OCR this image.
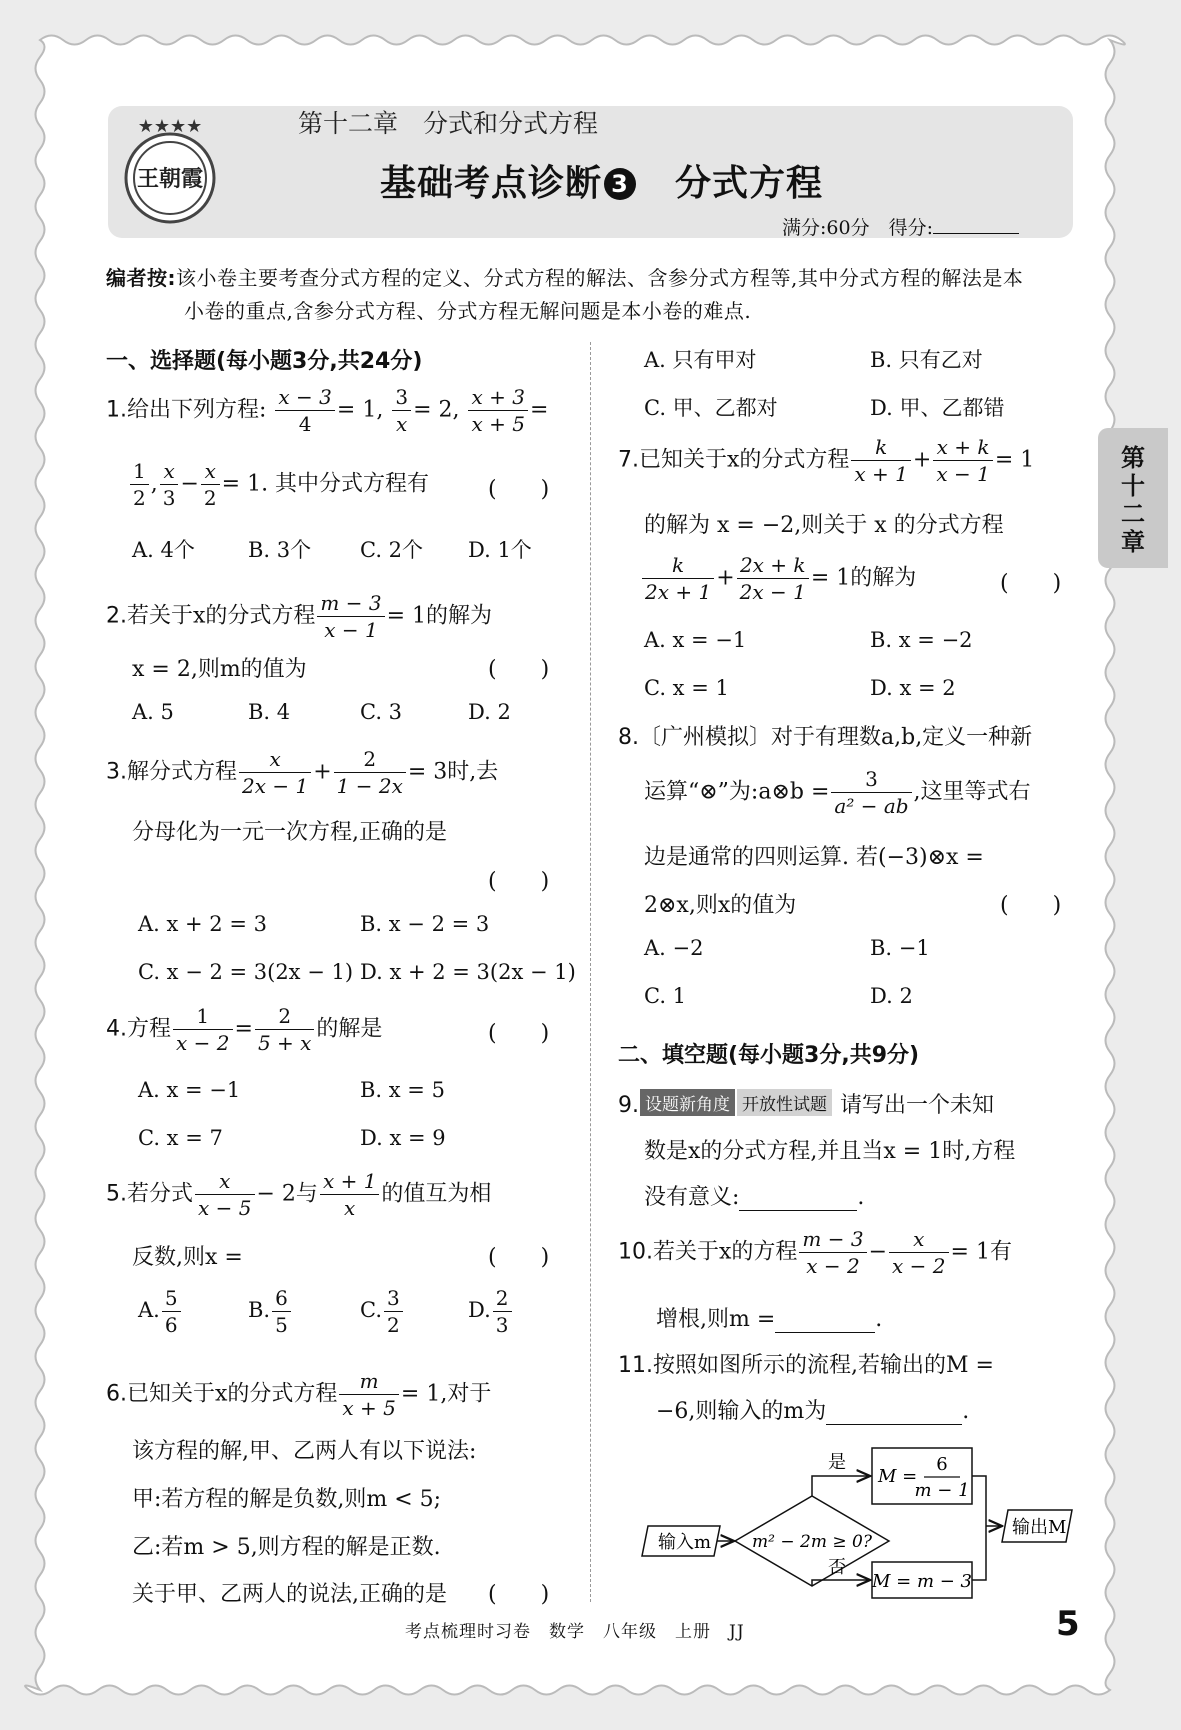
★★★★
王朝霞
第十二章　分式和分式方程
基础考点诊断 3　 分式方程
满分:60分　得分:
编者按:该小卷主要考查分式方程的定义、分式方程的解法、含参分式方程等,其中分式方程的解法是本
小卷的重点,含参分式方程、分式方程无解问题是本小卷的难点.
第十二章
一、选择题(每小题3分,共24分)
1.给出下列方程: $\frac{x - 3}{4} = 1$, $\frac{3}{x} = 2$, $\frac{x + 3}{x + 5}$ =
$\frac{1}{2}$ , $\frac{x}{3} - \frac{x}{2} = 1$. 其中分式方程有	(　　)
A. 4个	B. 3个 C. 2个 D. 1个
2.若关于x的分式方程 $\frac{m - 3}{x - 1} = 1$的解为
x = 2,则m的值为	(　　)
A. 5	B. 4	C. 3	D. 2
3.解分式方程 $\frac{x}{2x - 1} + \frac{2}{1 - 2x} = 3$时,去
分母化为一元一次方程,正确的是
(　　)
A. x + 2 = 3	B. x − 2 = 3
C. x − 2 = 3(2x − 1) D. x + 2 = 3(2x − 1)
4.方程 $\frac{1}{x - 2} = \frac{2}{5 + x}$ 的解是	(　　)
A. x = −1	B. x = 5
C. x = 7	D. x = 9
5.若分式 $\frac{x}{x - 5} - 2$与 $\frac{x + 1}{x}$ 的值互为相
反数,则x =	(　　)
A. $\frac{5}{6}$	B. $\frac{6}{5}$	C. $\frac{3}{2}$	D. $\frac{2}{3}$
6.已知关于x的分式方程 $\frac{m}{x + 5} = 1$,对于
该方程的解,甲、乙两人有以下说法:
甲:若方程的解是负数,则m < 5;
乙:若m > 5,则方程的解是正数.
关于甲、乙两人的说法,正确的是 (　　)
A. 只有甲对	B. 只有乙对
C. 甲、乙都对	D. 甲、乙都错
7.已知关于x的分式方程 $\frac{k}{x + 1} + \frac{x + k}{x - 1} = 1$
的解为 x = −2,则关于 x 的分式方程
$\frac{k}{2x + 1} + \frac{2x + k}{2x - 1} = 1$的解为	(　　)
A. x = −1	B. x = −2
C. x = 1	D. x = 2
8.〔广州模拟〕对于有理数a,b,定义一种新
运算“⊗”为:a⊗b = $\frac{3}{\text{a² − ab}}$ ,这里等式右
边是通常的四则运算. 若(−3)⊗x =
2⊗x,则x的值为	(　　)
A. −2	B. −1
C. 1	D. 2
二、填空题(每小题3分,共9分)
9. 设题新角度 开放性试题 请写出一个未知
数是x的分式方程,并且当x = 1时,方程
没有意义:	.
10.若关于x的方程 $\frac{m - 3}{x - 2} - \frac{x}{x - 2} = 1$有
增根,则m =	.
11.按照如图所示的流程,若输出的M =
−6,则输入的m为	.
输入m m² − 2m ≥ 0?
是
否
M =
6
m − 1
M = m − 3
输出M
考点梳理时习卷　数学　八年级　上册　JJ	5
